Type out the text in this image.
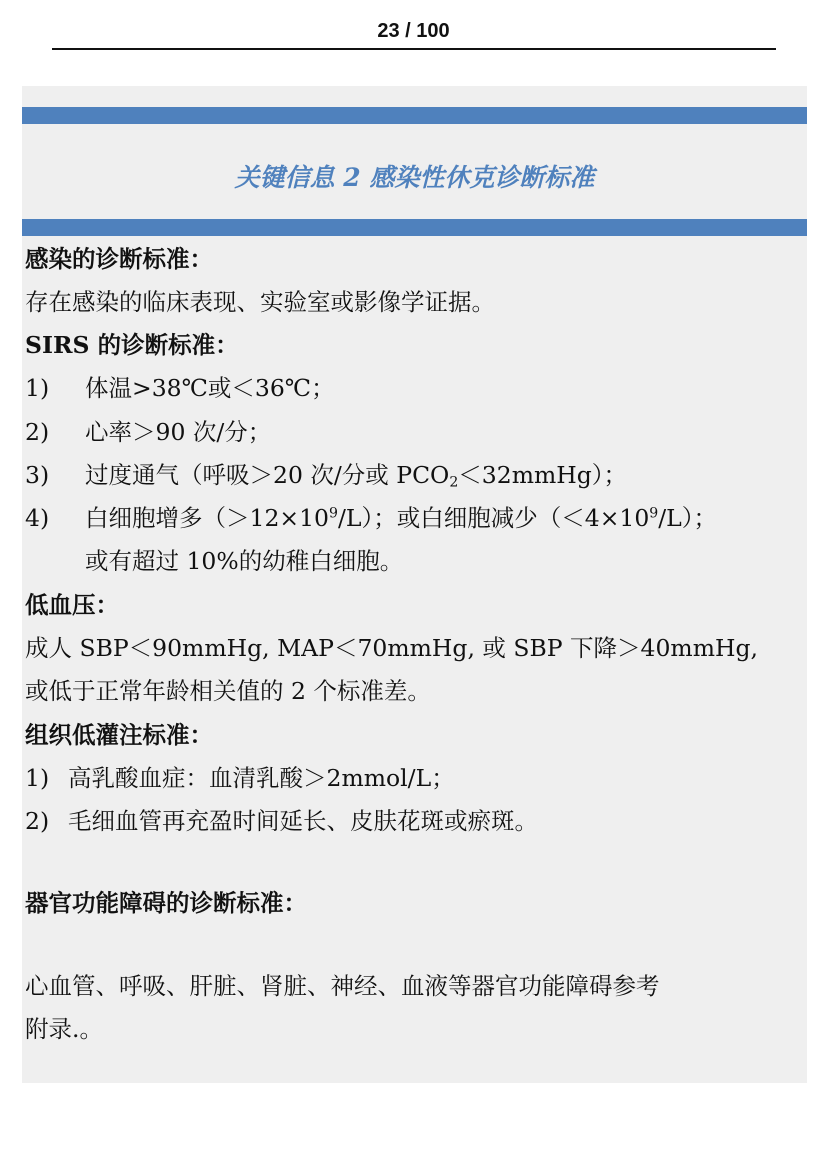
23 / 100
关键信息 2 感染性休克诊断标准
感染的诊断标准：
存在感染的临床表现、实验室或影像学证据。
SIRS 的诊断标准：
1) 体温>38℃或＜36℃；
2) 心率＞90 次/分；
3) 过度通气（呼吸＞20 次/分或 $PCO_2<32mmHg$）；
4) 白细胞增多$(>12\times 10^9/L)$；或白细胞减少$(<4\times 10^9/L)$；
或有超过 10%的幼稚白细胞。
低血压：
成人 SBP＜90mmHg, MAP＜70mmHg, 或 SBP 下降＞40mmHg,
或低于正常年龄相关值的 2 个标准差。
组织低灌注标准：
1) 高乳酸血症：血清乳酸＞2mmol/L；
2) 毛细血管再充盈时间延长、皮肤花斑或瘀斑。
器官功能障碍的诊断标准：
心血管、呼吸、肝脏、肾脏、神经、血液等器官功能障碍参考
附录.。
